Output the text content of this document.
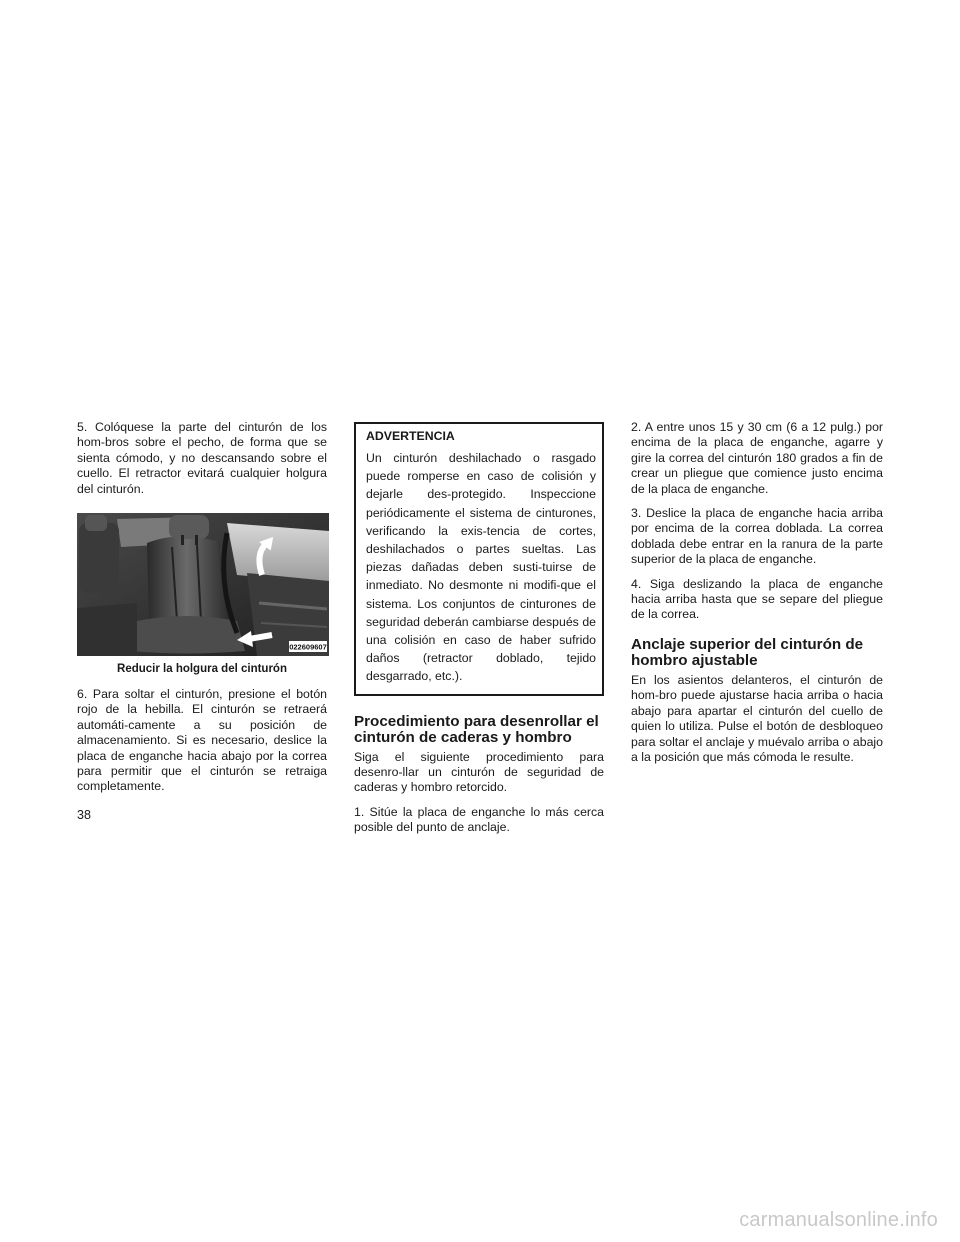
5. Colóquese la parte del cinturón de los hom-bros sobre el pecho, de forma que se sienta cómodo, y no descansando sobre el cuello. El retractor evitará cualquier holgura del cinturón.

022609607
Reducir la holgura del cinturón

6. Para soltar el cinturón, presione el botón rojo de la hebilla. El cinturón se retraerá automáti-camente a su posición de almacenamiento. Si es necesario, deslice la placa de enganche hacia abajo por la correa para permitir que el cinturón se retraiga completamente.

ADVERTENCIA

Un cinturón deshilachado o rasgado puede romperse en caso de colisión y dejarle des-protegido. Inspeccione periódicamente el sistema de cinturones, verificando la exis-tencia de cortes, deshilachados o partes sueltas. Las piezas dañadas deben susti-tuirse de inmediato. No desmonte ni modifi-que el sistema. Los conjuntos de cinturones de seguridad deberán cambiarse después de una colisión en caso de haber sufrido daños (retractor doblado, tejido desgarrado, etc.).

Procedimiento para desenrollar el cinturón de caderas y hombro

Siga el siguiente procedimiento para desenro-llar un cinturón de seguridad de caderas y hombro retorcido.

1. Sitúe la placa de enganche lo más cerca posible del punto de anclaje.

2. A entre unos 15 y 30 cm (6 a 12 pulg.) por encima de la placa de enganche, agarre y gire la correa del cinturón 180 grados a fin de crear un pliegue que comience justo encima de la placa de enganche.

3. Deslice la placa de enganche hacia arriba por encima de la correa doblada. La correa doblada debe entrar en la ranura de la parte superior de la placa de enganche.

4. Siga deslizando la placa de enganche hacia arriba hasta que se separe del pliegue de la correa.

Anclaje superior del cinturón de hombro ajustable

En los asientos delanteros, el cinturón de hom-bro puede ajustarse hacia arriba o hacia abajo para apartar el cinturón del cuello de quien lo utiliza. Pulse el botón de desbloqueo para soltar el anclaje y muévalo arriba o abajo a la posición que más cómoda le resulte.

38
carmanualsonline.info
